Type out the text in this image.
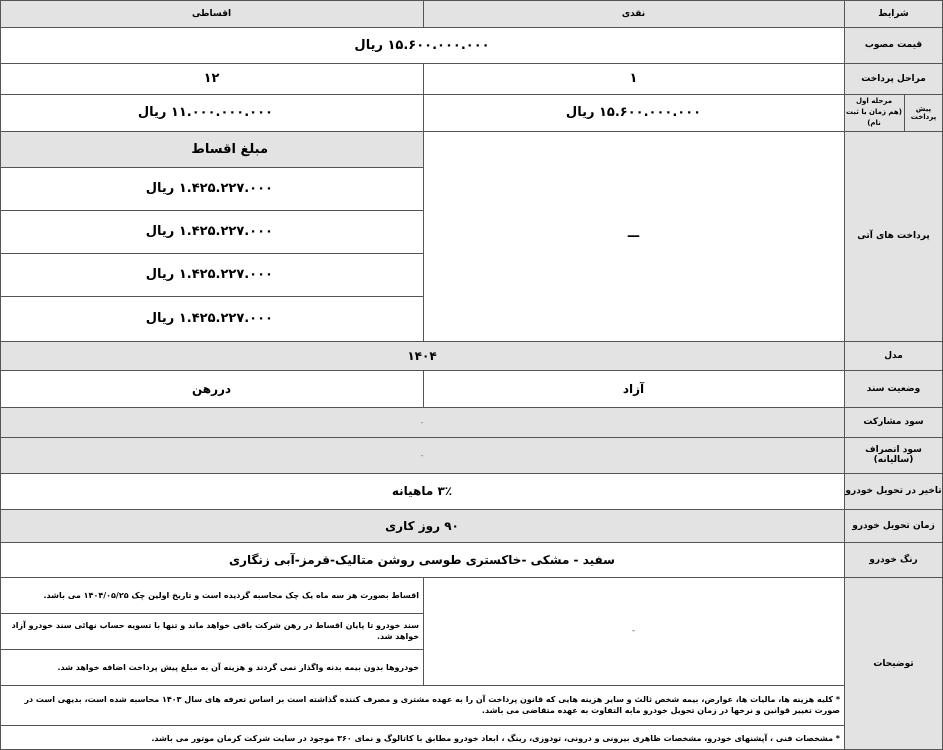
شرایط
نقدی
اقساطی
قیمت مصوب
۱۵.۶۰۰.۰۰۰.۰۰۰ ریال
مراحل پرداخت
۱
۱۲
پیش پرداخت
مرحله اول
(هم زمان با ثبت نام)
۱۵.۶۰۰.۰۰۰.۰۰۰ ریال
۱۱.۰۰۰.۰۰۰.۰۰۰ ریال
پرداخت های آتی
—
مبلغ اقساط
۱.۴۲۵.۲۲۷.۰۰۰ ریال
۱.۴۲۵.۲۲۷.۰۰۰ ریال
۱.۴۲۵.۲۲۷.۰۰۰ ریال
۱.۴۲۵.۲۲۷.۰۰۰ ریال
مدل
۱۴۰۴
وضعیت سند
آزاد
دررهن
سود مشارکت
-
سود انصراف (سالیانه)
-
تاخیر در تحویل خودرو
۳٪ ماهیانه
زمان تحویل خودرو
۹۰ روز کاری
رنگ خودرو
سفید - مشکی -خاکستری طوسی روشن متالیک-قرمز-آبی زنگاری
توضیحات
-
اقساط بصورت هر سه ماه یک چک محاسبه گردیده است و تاریخ اولین چک ۱۴۰۴/۰۵/۲۵ می باشد.
سند خودرو تا پایان اقساط در رهن شرکت باقی خواهد ماند و تنها با تسویه حساب نهائی سند خودرو آزاد خواهد شد.
خودروها بدون بیمه بدنه واگذار نمی گردند و هزینه آن به مبلغ پیش پرداخت اضافه خواهد شد.
* کلیه هزینه ها، مالیات ها، عوارض، بیمه شخص ثالث و سایر هزینه هایی که قانون پرداخت آن را به عهده مشتری و مصرف کننده گذاشته است بر اساس تعرفه های سال ۱۴۰۳ محاسبه شده است، بدیهی است در صورت تغییر قوانین و نرخها در زمان تحویل خودرو مابه التفاوت به عهده متقاضی می باشد.
* مشخصات فنی ، آپشنهای خودرو، مشخصات ظاهری بیرونی و درونی، تودوزی، رینگ ، ابعاد خودرو مطابق با کاتالوگ و نمای ۳۶۰ موجود در سایت شرکت کرمان موتور می باشد.
